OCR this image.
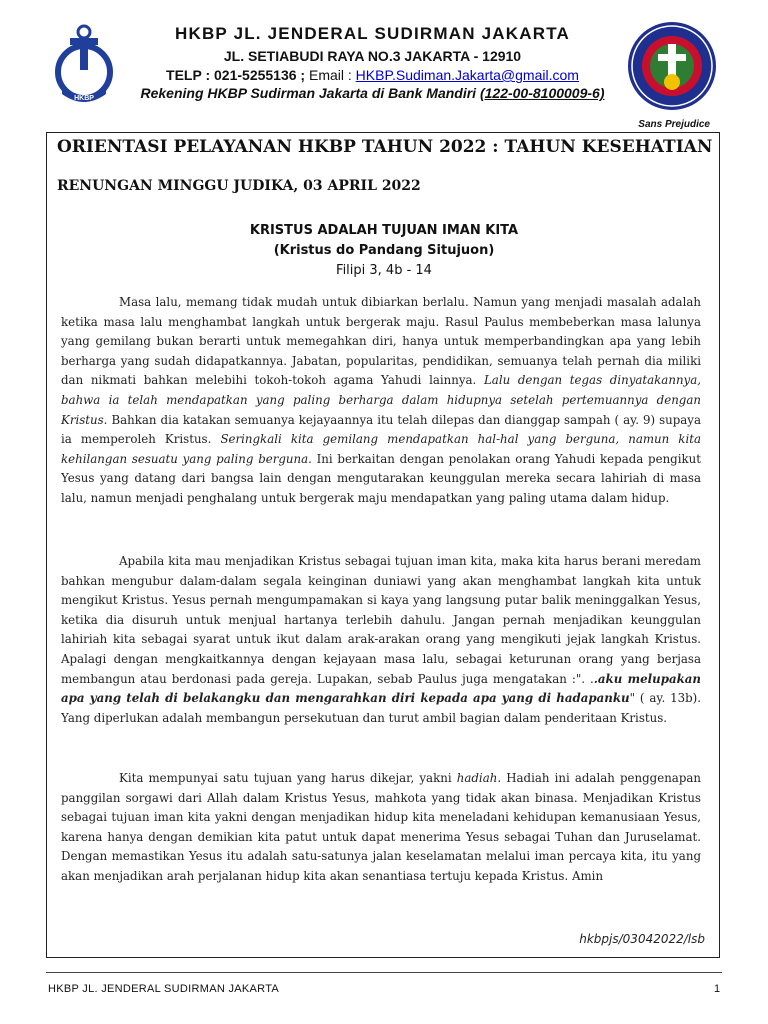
HKBP
HKBP JL. JENDERAL SUDIRMAN JAKARTA
JL. SETIABUDI RAYA NO.3 JAKARTA - 12910
TELP : 021-5255136 ; Email : HKBP.Sudiman.Jakarta@gmail.com
Rekening HKBP Sudirman Jakarta di Bank Mandiri (122-00-8100009-6)
Sans Prejudice
ORIENTASI PELAYANAN HKBP TAHUN 2022 : TAHUN KESEHATIAN
RENUNGAN MINGGU JUDIKA, 03 APRIL 2022
KRISTUS ADALAH TUJUAN IMAN KITA
(Kristus do Pandang Situjuon)
Filipi 3, 4b - 14
Masa lalu, memang tidak mudah untuk dibiarkan berlalu. Namun yang menjadi masalah adalah ketika masa lalu menghambat langkah untuk bergerak maju. Rasul Paulus membeberkan masa lalunya yang gemilang bukan berarti untuk memegahkan diri, hanya untuk memperbandingkan apa yang lebih berharga yang sudah didapatkannya. Jabatan, popularitas, pendidikan, semuanya telah pernah dia miliki dan nikmati bahkan melebihi tokoh-tokoh agama Yahudi lainnya. Lalu dengan tegas dinyatakannya, bahwa ia telah mendapatkan yang paling berharga dalam hidupnya setelah pertemuannya dengan Kristus. Bahkan dia katakan semuanya kejayaannya itu telah dilepas dan dianggap sampah ( ay. 9) supaya ia memperoleh Kristus. Seringkali kita gemilang mendapatkan hal-hal yang berguna, namun kita kehilangan sesuatu yang paling berguna. Ini berkaitan dengan penolakan orang Yahudi kepada pengikut Yesus yang datang dari bangsa lain dengan mengutarakan keunggulan mereka secara lahiriah di masa lalu, namun menjadi penghalang untuk bergerak maju mendapatkan yang paling utama dalam hidup.
Apabila kita mau menjadikan Kristus sebagai tujuan iman kita, maka kita harus berani meredam bahkan mengubur dalam-dalam segala keinginan duniawi yang akan menghambat langkah kita untuk mengikut Kristus. Yesus pernah mengumpamakan si kaya yang langsung putar balik meninggalkan Yesus, ketika dia disuruh untuk menjual hartanya terlebih dahulu. Jangan pernah menjadikan keunggulan lahiriah kita sebagai syarat untuk ikut dalam arak-arakan orang yang mengikuti jejak langkah Kristus. Apalagi dengan mengkaitkannya dengan kejayaan masa lalu, sebagai keturunan orang yang berjasa membangun atau berdonasi pada gereja. Lupakan, sebab Paulus juga mengatakan :". ..aku melupakan apa yang telah di belakangku dan mengarahkan diri kepada apa yang di hadapanku" ( ay. 13b). Yang diperlukan adalah membangun persekutuan dan turut ambil bagian dalam penderitaan Kristus.
Kita mempunyai satu tujuan yang harus dikejar, yakni hadiah. Hadiah ini adalah penggenapan panggilan sorgawi dari Allah dalam Kristus Yesus, mahkota yang tidak akan binasa. Menjadikan Kristus sebagai tujuan iman kita yakni dengan menjadikan hidup kita meneladani kehidupan kemanusiaan Yesus, karena hanya dengan demikian kita patut untuk dapat menerima Yesus sebagai Tuhan dan Juruselamat. Dengan memastikan Yesus itu adalah satu-satunya jalan keselamatan melalui iman percaya kita, itu yang akan menjadikan arah perjalanan hidup kita akan senantiasa tertuju kepada Kristus. Amin
hkbpjs/03042022/lsb
HKBP JL. JENDERAL SUDIRMAN JAKARTA	1
